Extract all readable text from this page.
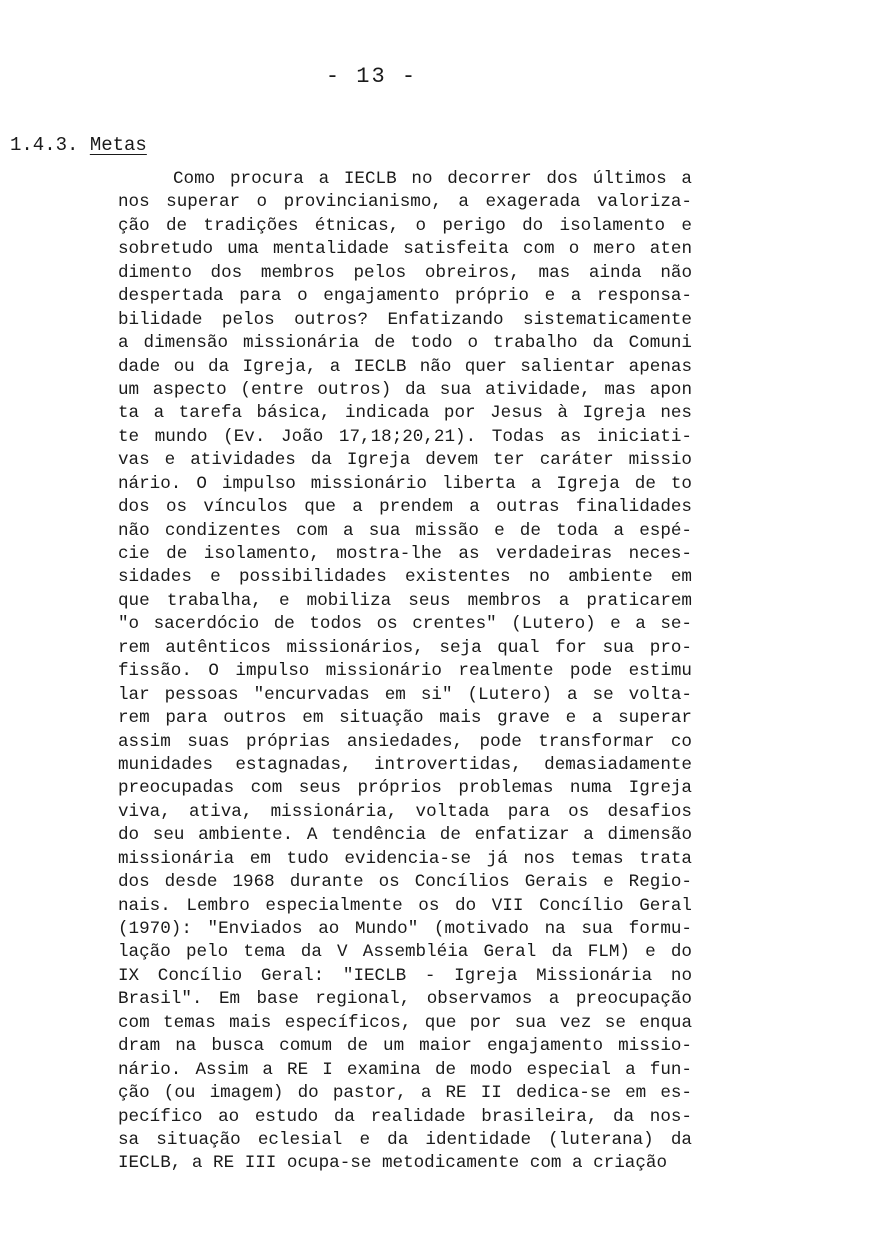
- 13 -
1.4.3. Metas
Como procura a IECLB no decorrer dos últimos a
nos superar o provincianismo, a exagerada valoriza-
ção de tradições étnicas, o perigo do isolamento e
sobretudo uma mentalidade satisfeita com o mero aten
dimento dos membros pelos obreiros, mas ainda não
despertada para o engajamento próprio e a responsa-
bilidade pelos outros? Enfatizando sistematicamente
a dimensão missionária de todo o trabalho da Comuni
dade ou da Igreja, a IECLB não quer salientar apenas
um aspecto (entre outros) da sua atividade, mas apon
ta a tarefa básica, indicada por Jesus à Igreja nes
te mundo (Ev. João 17,18;20,21). Todas as iniciati-
vas e atividades da Igreja devem ter caráter missio
nário. O impulso missionário liberta a Igreja de to
dos os vínculos que a prendem a outras finalidades
não condizentes com a sua missão e de toda a espé-
cie de isolamento, mostra-lhe as verdadeiras neces-
sidades e possibilidades existentes no ambiente em
que trabalha, e mobiliza seus membros a praticarem
"o sacerdócio de todos os crentes" (Lutero) e a se-
rem autênticos missionários, seja qual for sua pro-
fissão. O impulso missionário realmente pode estimu
lar pessoas "encurvadas em si" (Lutero) a se volta-
rem para outros em situação mais grave e a superar
assim suas próprias ansiedades, pode transformar co
munidades estagnadas, introvertidas, demasiadamente
preocupadas com seus próprios problemas numa Igreja
viva, ativa, missionária, voltada para os desafios
do seu ambiente. A tendência de enfatizar a dimensão
missionária em tudo evidencia-se já nos temas trata
dos desde 1968 durante os Concílios Gerais e Regio-
nais. Lembro especialmente os do VII Concílio Geral
(1970): "Enviados ao Mundo" (motivado na sua formu-
lação pelo tema da V Assembléia Geral da FLM) e do
IX Concílio Geral: "IECLB - Igreja Missionária no
Brasil". Em base regional, observamos a preocupação
com temas mais específicos, que por sua vez se enqua
dram na busca comum de um maior engajamento missio-
nário. Assim a RE I examina de modo especial a fun-
ção (ou imagem) do pastor, a RE II dedica-se em es-
pecífico ao estudo da realidade brasileira, da nos-
sa situação eclesial e da identidade (luterana) da
IECLB, a RE III ocupa-se metodicamente com a criação
